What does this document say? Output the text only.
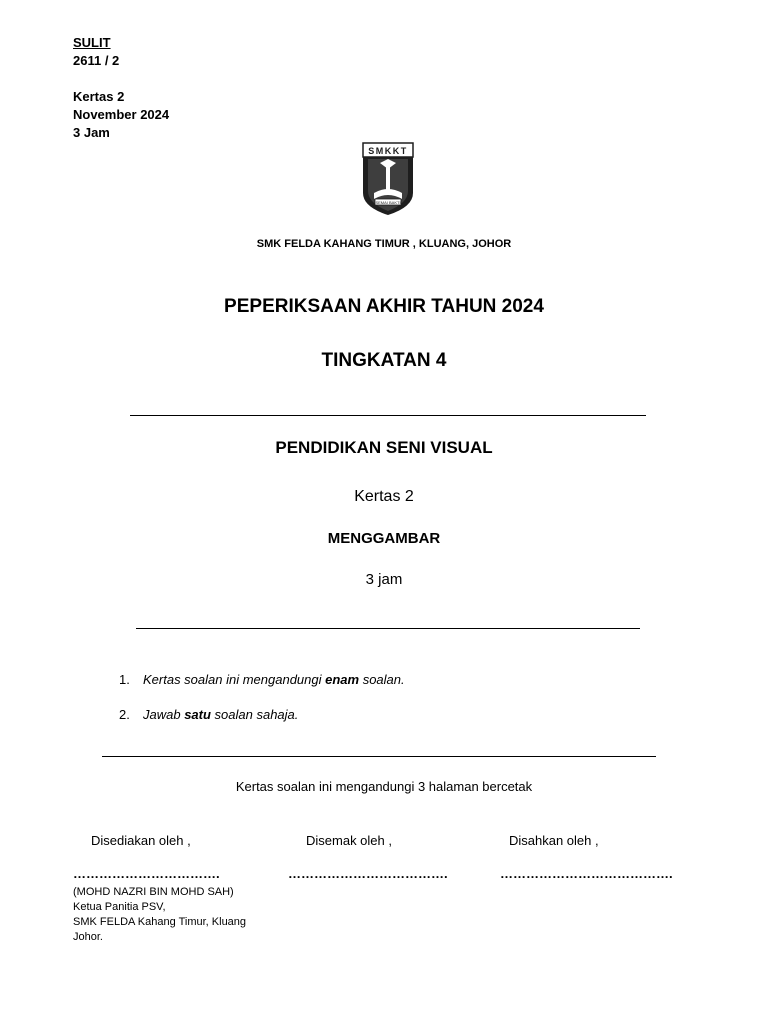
SULIT
2611 / 2
Kertas 2
November 2024
3 Jam
SEMAI BAKTI
SMKKT
SMK FELDA KAHANG TIMUR , KLUANG, JOHOR
PEPERIKSAAN AKHIR TAHUN 2024
TINGKATAN 4
PENDIDIKAN SENI VISUAL
Kertas 2
MENGGAMBAR
3 jam
1. Kertas soalan ini mengandungi enam soalan.
2. Jawab satu soalan sahaja.
Kertas soalan ini mengandungi 3 halaman bercetak
Disediakan oleh ,	Disemak oleh ,	Disahkan oleh ,
…………………………….	……………………………….	………………………………….
(MOHD NAZRI BIN MOHD SAH)
Ketua Panitia PSV,
SMK FELDA Kahang Timur, Kluang
Johor.
